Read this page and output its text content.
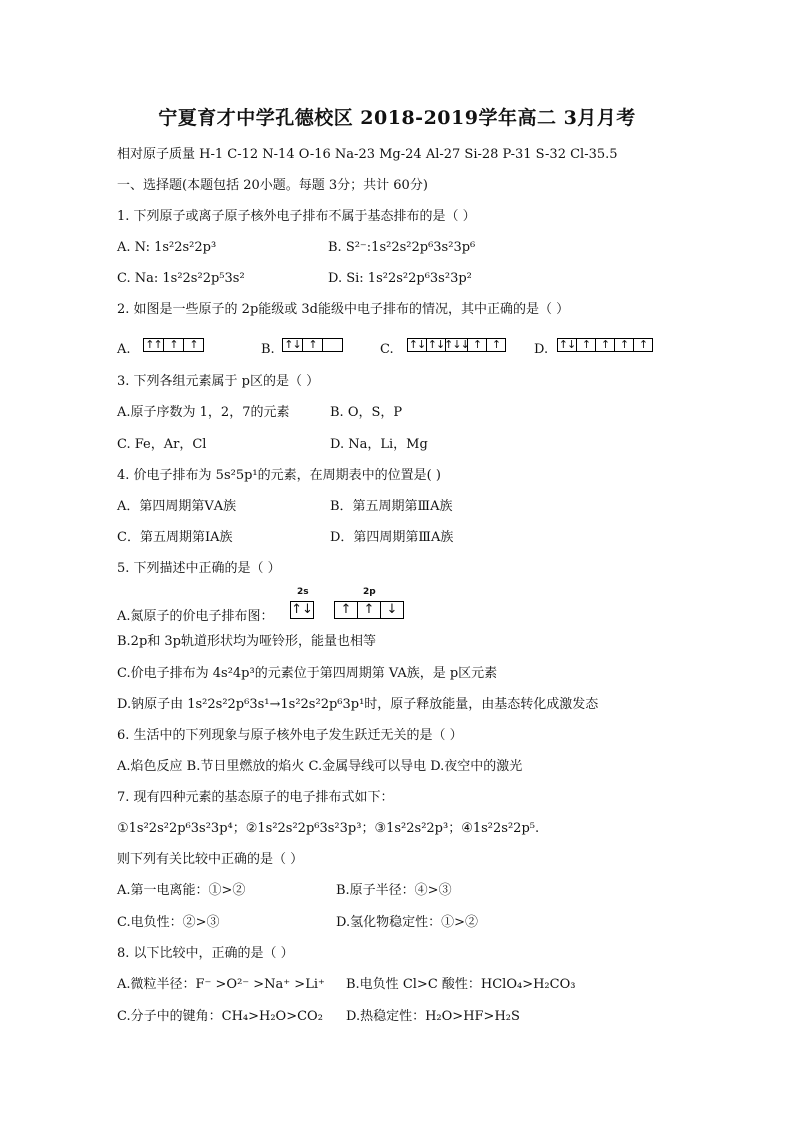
宁夏育才中学孔德校区 2018-2019学年高二 3月月考
相对原子质量 H-1 C-12 N-14 O-16 Na-23 Mg-24 Al-27 Si-28 P-31 S-32 Cl-35.5
一、选择题(本题包括 20小题。每题 3分；共计 60分)
1. 下列原子或离子原子核外电子排布不属于基态排布的是（ ）
A. N: 1s²2s²2p³	B. S²⁻:1s²2s²2p⁶3s²3p⁶
C. Na: 1s²2s²2p⁵3s²	D. Si: 1s²2s²2p⁶3s²3p²
2. 如图是一些原子的 2p能级或 3d能级中电子排布的情况，其中正确的是（ ）
A. ↑↑ ↑	↑	B. ↑↓ ↑	C. ↑↓ ↑↓ ↑↓↓ ↑ ↑	D. ↑↓ ↑ ↑ ↑ ↑
3. 下列各组元素属于 p区的是（ ）
A.原子序数为 1，2，7的元素	B. O，S，P
C. Fe，Ar，Cl	D. Na，Li，Mg
4. 价电子排布为 5s²5p¹的元素，在周期表中的位置是( )
A．第四周期第ⅤA族	B．第五周期第ⅢA族
C．第五周期第ⅠA族	D．第四周期第ⅢA族
5. 下列描述中正确的是（ ）
A.氮原子的价电子排布图：
2s	2p
↑↓	↑ ↑ ↓
B.2p和 3p轨道形状均为哑铃形，能量也相等
C.价电子排布为 4s²4p³的元素位于第四周期第 VA族，是 p区元素
D.钠原子由 1s²2s²2p⁶3s¹→1s²2s²2p⁶3p¹时，原子释放能量，由基态转化成激发态
6. 生活中的下列现象与原子核外电子发生跃迁无关的是（ ）
A.焰色反应 B.节日里燃放的焰火 C.金属导线可以导电 D.夜空中的激光
7. 现有四种元素的基态原子的电子排布式如下：
①1s²2s²2p⁶3s²3p⁴；②1s²2s²2p⁶3s²3p³；③1s²2s²2p³；④1s²2s²2p⁵.
则下列有关比较中正确的是（ ）
A.第一电离能：①>②	B.原子半径：④>③
C.电负性：②>③	D.氢化物稳定性：①>②
8. 以下比较中，正确的是（ ）
A.微粒半径：F⁻ >O²⁻ >Na⁺ >Li⁺ B.电负性 Cl>C 酸性：HClO₄>H₂CO₃
C.分子中的键角：CH₄>H₂O>CO₂ D.热稳定性：H₂O>HF>H₂S
